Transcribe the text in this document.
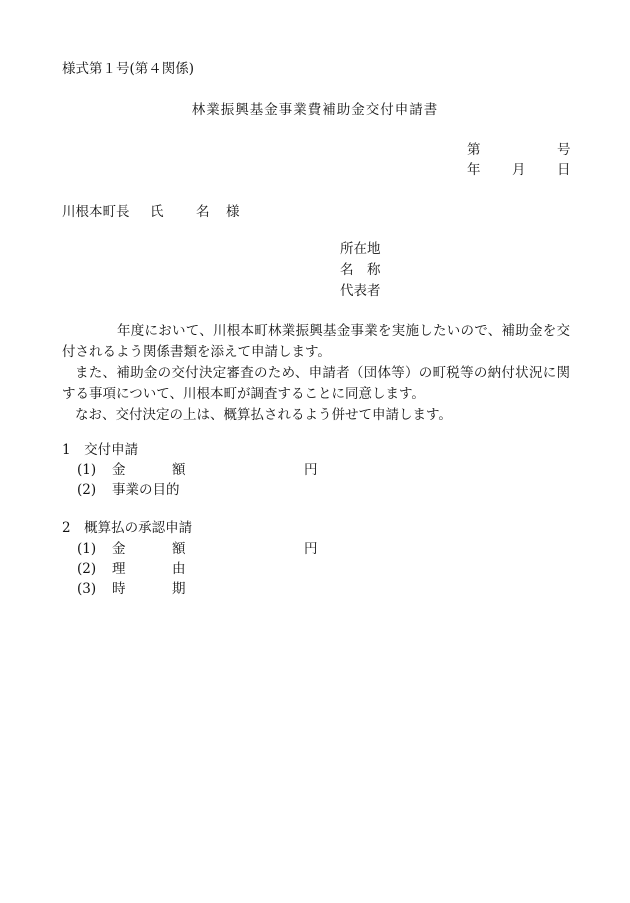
様式第１号(第４関係)
林業振興基金事業費補助金交付申請書
第	号
年 月 日
川根本町長 氏 名 様
所在地
名　称
代表者

年度において、川根本町林業振興基金事業を実施したいので、補助金を交付されるよう関係書類を添えて申請します。

また、補助金の交付決定審査のため、申請者（団体等）の町税等の納付状況に関する事項について、川根本町が調査することに同意します。

なお、交付決定の上は、概算払されるよう併せて申請します。

1　交付申請
(1) 金	額	円
(2) 事業の目的
2　概算払の承認申請
(1) 金	額	円
(2) 理	由
(3) 時	期
